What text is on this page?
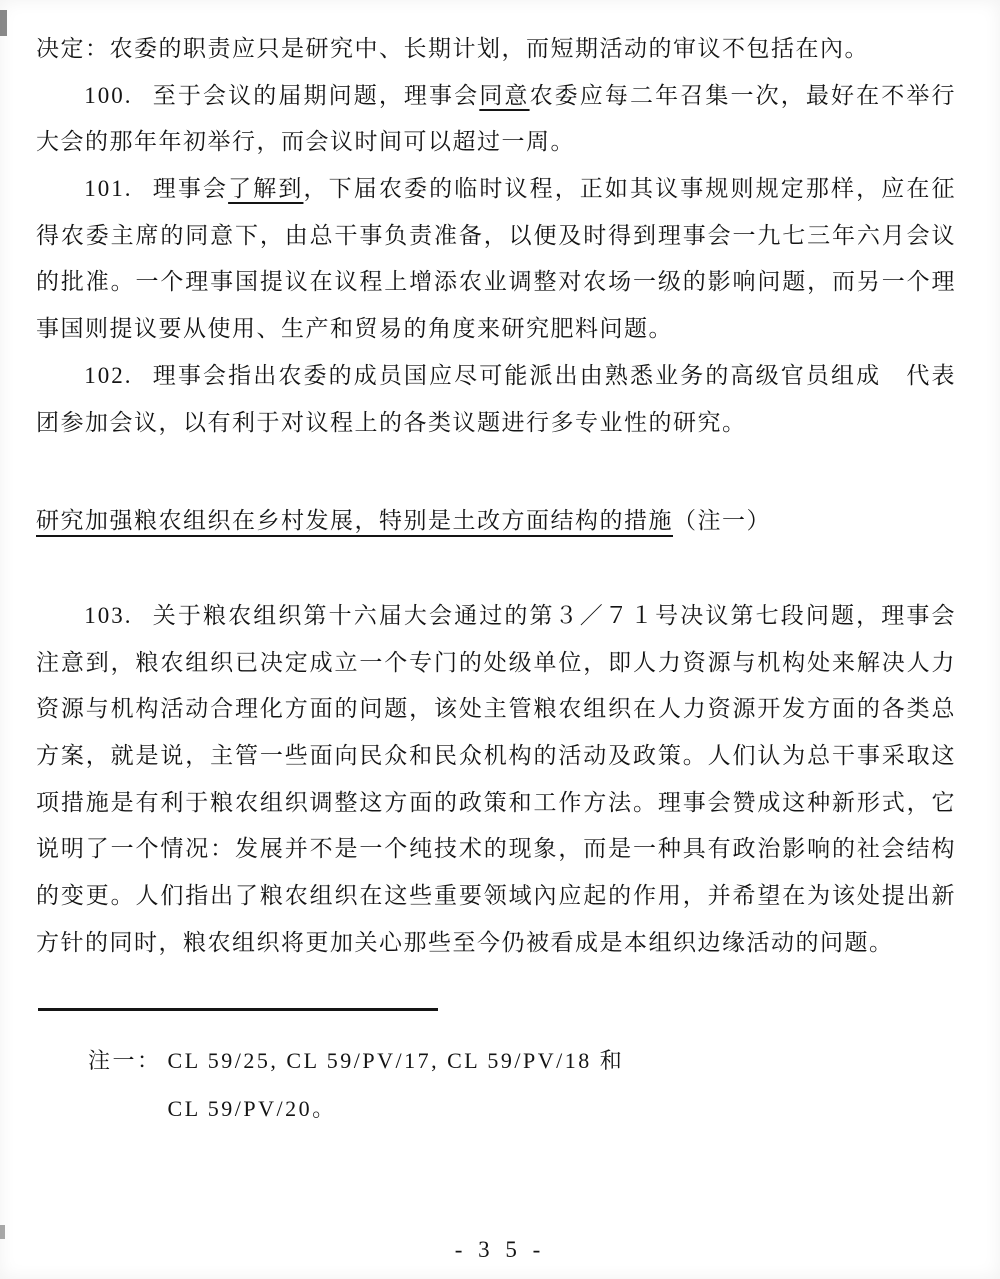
决定：农委的职责应只是研究中、长期计划，而短期活动的审议不包括在內。

100. 至于会议的届期问题，理事会同意农委应每二年召集一次，最好在不举行大会的那年年初举行，而会议时间可以超过一周。

101. 理事会了解到，下届农委的临时议程，正如其议事规则规定那样，应在征得农委主席的同意下，由总干事负责准备，以便及时得到理事会一九七三年六月会议的批准。一个理事国提议在议程上增添农业调整对农场一级的影响问题，而另一个理事国则提议要从使用、生产和贸易的角度来研究肥料问题。

102. 理事会指出农委的成员国应尽可能派出由熟悉业务的高级官员组成　代表团参加会议，以有利于对议程上的各类议题进行多专业性的研究。

研究加强粮农组织在乡村发展，特别是土改方面结构的措施（注一）

103. 关于粮农组织第十六届大会通过的第３／７１号决议第七段问题，理事会注意到，粮农组织已决定成立一个专门的处级单位，即人力资源与机构处来解决人力资源与机构活动合理化方面的问题，该处主管粮农组织在人力资源开发方面的各类总方案，就是说，主管一些面向民众和民众机构的活动及政策。人们认为总干事采取这项措施是有利于粮农组织调整这方面的政策和工作方法。理事会赞成这种新形式，它说明了一个情况：发展并不是一个纯技术的现象，而是一种具有政治影响的社会结构的变更。人们指出了粮农组织在这些重要领域內应起的作用，并希望在为该处提出新方针的同时，粮农组织将更加关心那些至今仍被看成是本组织边缘活动的问题。

注一： CL 59/25, CL 59/PV/17, CL 59/PV/18 和
CL 59/PV/20。
- 3 5 -
